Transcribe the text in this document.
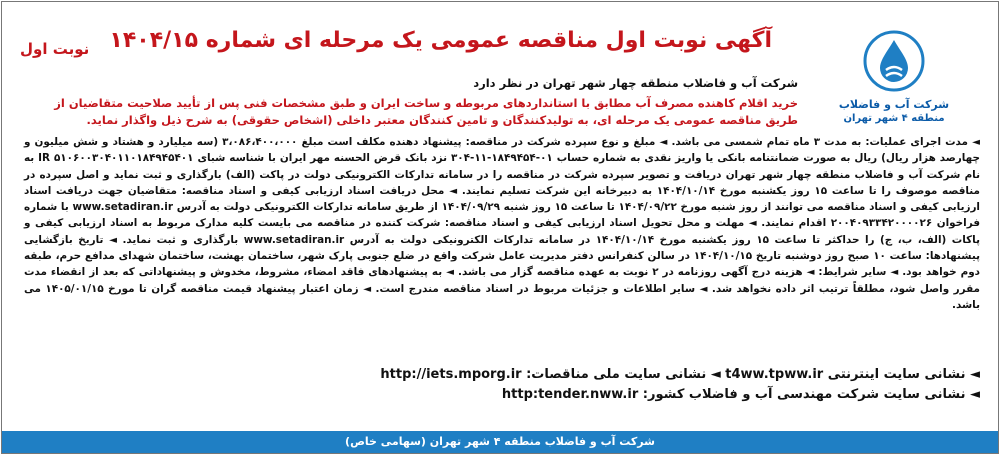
نوبت اول
شرکت آب و فاضلاب
منطقه ۴ شهر تهران
آگهی نوبت اول مناقصه عمومی یک مرحله ای شماره ۱۴۰۴/۱۵
شرکت آب و فاضلاب منطقه چهار شهر تهران در نظر دارد
خرید اقلام کاهنده مصرف آب مطابق با استانداردهای مربوطه و ساخت ایران و طبق مشخصات فنی پس از تأیید صلاحیت متقاضیان از طریق مناقصه عمومی یک مرحله ای، به تولیدکنندگان و تامین کنندگان معتبر داخلی (اشخاص حقوقی) به شرح ذیل واگذار نماید.
◄ مدت اجرای عملیات: به مدت ۳ ماه تمام شمسی می باشد. ◄ مبلغ و نوع سپرده شرکت در مناقصه: پیشنهاد دهنده مکلف است مبلغ ۳،۰۸۶،۴۰۰،۰۰۰ (سه میلیارد و هشتاد و شش میلیون و چهارصد هزار ریال) ریال به صورت ضمانتنامه بانکی یا واریز نقدی به شماره حساب ۰۱-۱۸۴۹۴۵۴-۱۱-۳۰۴ نزد بانک قرض الحسنه مهر ایران با شناسه شبای IR ۵۱۰۶۰۰۳۰۴۰۱۱۰۱۸۴۹۴۵۴۰۱ به نام شرکت آب و فاضلاب منطقه چهار شهر تهران دریافت و تصویر سپرده شرکت در مناقصه را در سامانه تدارکات الکترونیکی دولت در پاکت (الف) بارگذاری و ثبت نماید و اصل سپرده در مناقصه موصوف را تا ساعت ۱۵ روز یکشنبه مورخ ۱۴۰۴/۱۰/۱۴ به دبیرخانه این شرکت تسلیم نمایند. ◄ محل دریافت اسناد ارزیابی کیفی و اسناد مناقصه: متقاضیان جهت دریافت اسناد ارزیابی کیفی و اسناد مناقصه می توانند از روز شنبه مورخ ۱۴۰۴/۰۹/۲۲ تا ساعت ۱۵ روز شنبه ۱۴۰۴/۰۹/۲۹ از طریق سامانه تدارکات الکترونیکی دولت به آدرس www.setadiran.ir با شماره فراخوان ۲۰۰۴۰۹۳۳۴۲۰۰۰۰۲۶ اقدام نمایند. ◄ مهلت و محل تحویل اسناد ارزیابی کیفی و اسناد مناقصه: شرکت کننده در مناقصه می بایست کلیه مدارک مربوط به اسناد ارزیابی کیفی و پاکات (الف، ب، ج) را حداکثر تا ساعت ۱۵ روز یکشنبه مورخ ۱۴۰۴/۱۰/۱۴ در سامانه تدارکات الکترونیکی دولت به آدرس www.setadiran.ir بارگذاری و ثبت نماید. ◄ تاریخ بازگشایی پیشنهادها: ساعت ۱۰ صبح روز دوشنبه تاریخ ۱۴۰۴/۱۰/۱۵ در سالن کنفرانس دفتر مدیریت عامل شرکت واقع در ضلع جنوبی پارک شهر، ساختمان بهشت، ساختمان شهدای مدافع حرم، طبقه دوم خواهد بود. ◄ سایر شرایط: ◄ هزینه درج آگهی روزنامه در ۲ نوبت به عهده مناقصه گزار می باشد. ◄ به پیشنهادهای فاقد امضاء، مشروط، مخدوش و پیشنهاداتی که بعد از انقضاء مدت مقرر واصل شود، مطلقاً ترتیب اثر داده نخواهد شد. ◄ سایر اطلاعات و جزئیات مربوط در اسناد مناقصه مندرج است. ◄ زمان اعتبار پیشنهاد قیمت مناقصه گران تا مورخ ۱۴۰۵/۰۱/۱۵ می باشد.
◄ نشانی سایت اینترنتی t4ww.tpww.ir ◄ نشانی سایت ملی مناقصات: http://iets.mporg.ir
◄ نشانی سایت شرکت مهندسی آب و فاضلاب کشور: http:tender.nww.ir
شرکت آب و فاضلاب منطقه ۴ شهر تهران (سهامی خاص)
